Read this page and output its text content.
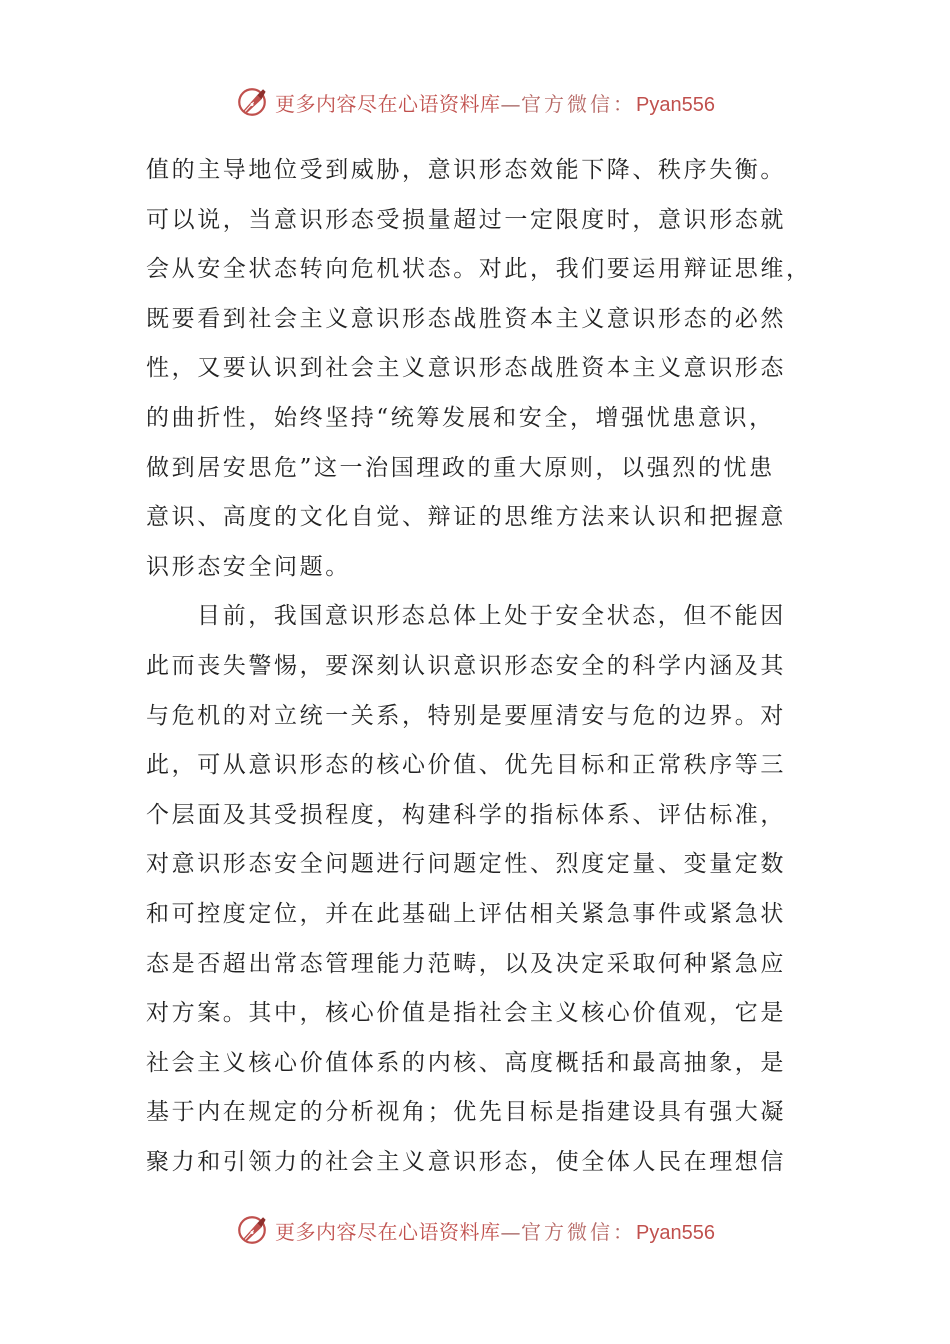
更多内容尽在心语资料库—官方微信：Pyan556

值的主导地位受到威胁，意识形态效能下降、秩序失衡。
可以说，当意识形态受损量超过一定限度时，意识形态就
会从安全状态转向危机状态。对此，我们要运用辩证思维，
既要看到社会主义意识形态战胜资本主义意识形态的必然
性，又要认识到社会主义意识形态战胜资本主义意识形态
的曲折性，始终坚持“统筹发展和安全，增强忧患意识，
做到居安思危”这一治国理政的重大原则，以强烈的忧患
意识、高度的文化自觉、辩证的思维方法来认识和把握意
识形态安全问题。

目前，我国意识形态总体上处于安全状态，但不能因
此而丧失警惕，要深刻认识意识形态安全的科学内涵及其
与危机的对立统一关系，特别是要厘清安与危的边界。对
此，可从意识形态的核心价值、优先目标和正常秩序等三
个层面及其受损程度，构建科学的指标体系、评估标准，
对意识形态安全问题进行问题定性、烈度定量、变量定数
和可控度定位，并在此基础上评估相关紧急事件或紧急状
态是否超出常态管理能力范畴，以及决定采取何种紧急应
对方案。其中，核心价值是指社会主义核心价值观，它是
社会主义核心价值体系的内核、高度概括和最高抽象，是
基于内在规定的分析视角；优先目标是指建设具有强大凝
聚力和引领力的社会主义意识形态，使全体人民在理想信

更多内容尽在心语资料库—官方微信：Pyan556
